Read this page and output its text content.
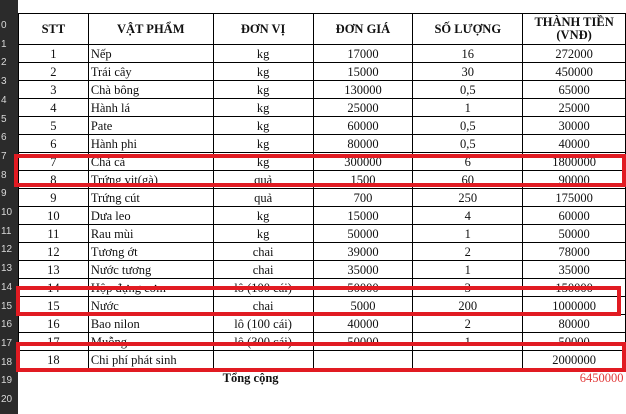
0
1
2
3
4
5
6
7
8
9
10
11
12
13
14
15
16
17
18
19
20
STT	VẬT PHẨM	ĐƠN VỊ	ĐƠN GIÁ	SỐ LƯỢNG	THÀNH TIỀN (VNĐ)
1	Nếp	kg	17000	16	272000
2	Trái cây	kg	15000	30	450000
3	Chà bông	kg	130000	0,5	65000
4	Hành lá	kg	25000	1	25000
5	Pate	kg	60000	0,5	30000
6	Hành phi	kg	80000	0,5	40000
7	Chả cá	kg	300000	6	1800000
8	Trứng vịt(gà)	quả	1500	60	90000
9	Trứng cút	quả	700	250	175000
10	Dưa leo	kg	15000	4	60000
11	Rau mùi	kg	50000	1	50000
12	Tương ớt	chai	39000	2	78000
13	Nước tương	chai	35000	1	35000
14	Hộp đựng cơm	lô (100 cái)	50000	3	150000
15	Nước	chai	5000	200	1000000
16	Bao nilon	lô (100 cái)	40000	2	80000
17	Muỗng	lô (300 cái)	50000	1	50000
18	Chi phí phát sinh				2000000
	Tổng cộng				6450000
